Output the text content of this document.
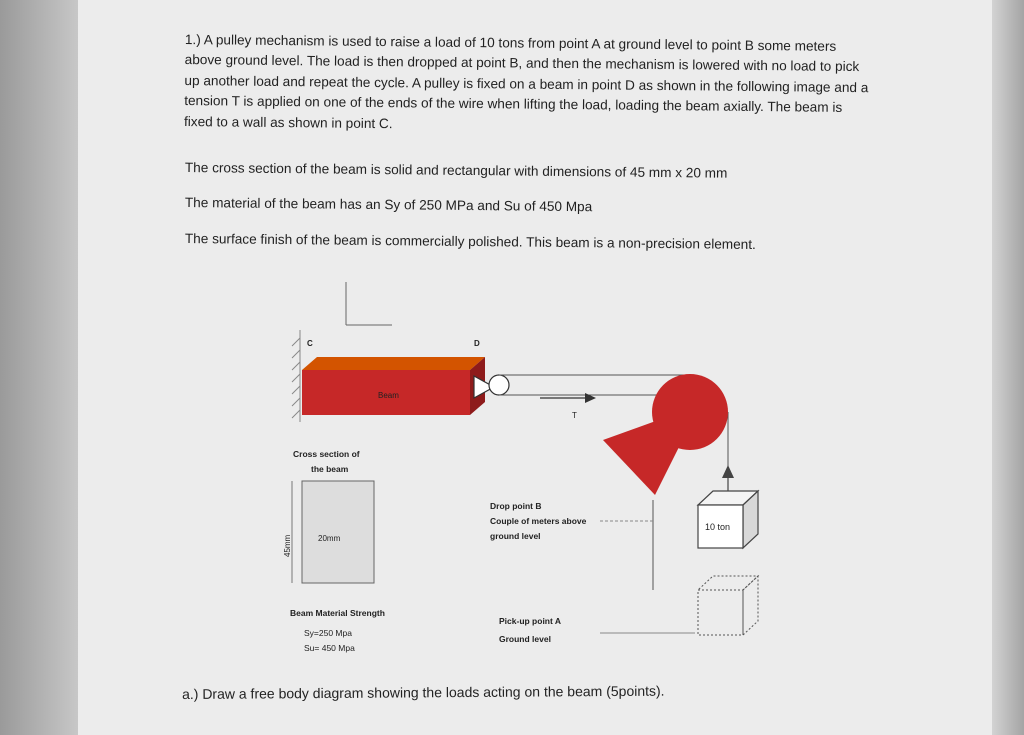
1.) A pulley mechanism is used to raise a load of 10 tons from point A at ground level to point B some meters above ground level. The load is then dropped at point B, and then the mechanism is lowered with no load to pick up another load and repeat the cycle. A pulley is fixed on a beam in point D as shown in the following image and a tension T is applied on one of the ends of the wire when lifting the load, loading the beam axially. The beam is fixed to a wall as shown in point C.

The cross section of the beam is solid and rectangular with dimensions of 45 mm x 20 mm
The material of the beam has an Sy of 250 MPa and Su of 450 Mpa
The surface finish of the beam is commercially polished. This beam is a non-precision element.
C	D
Beam
T
10 ton
Cross section of
the beam
20mm
45mm
Drop point B
Couple of meters above
ground level
Beam Material Strength
Sy=250 Mpa
Su= 450 Mpa
Pick-up point A
Ground level
a.) Draw a free body diagram showing the loads acting on the beam (5points).
